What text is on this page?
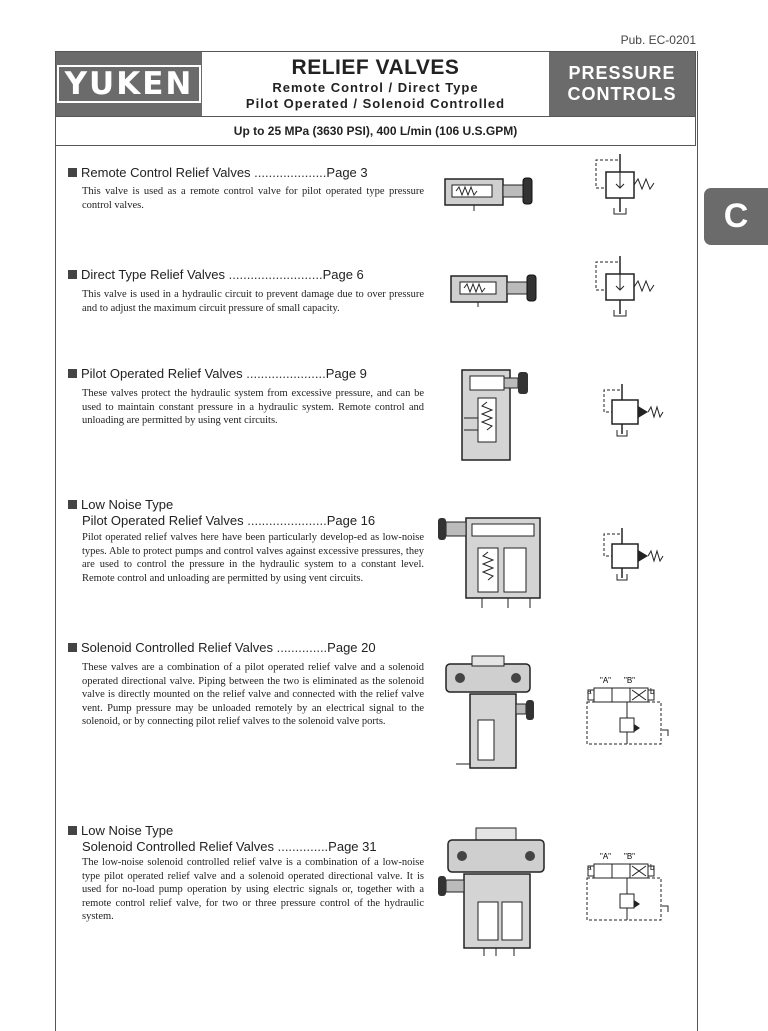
Pub. EC-0201
YUKEN	RELIEF VALVES
Remote Control / Direct Type
Pilot Operated / Solenoid Controlled
PRESSURE
CONTROLS
Up to 25 MPa (3630 PSI), 400 L/min (106 U.S.GPM)
C
Remote Control Relief Valves ....................Page 3
This valve is used as a remote control valve for pilot operated type pressure control valves.
Direct Type Relief Valves ..........................Page 6
This valve is used in a hydraulic circuit to prevent damage due to over pressure and to adjust the maximum circuit pressure of small capacity.
Pilot Operated Relief Valves ......................Page 9
These valves protect the hydraulic system from excessive pressure, and can be used to maintain constant pressure in a hydraulic system. Remote control and unloading are permitted by using vent circuits.
Low Noise Type
Pilot Operated Relief Valves ......................Page 16
Pilot operated relief valves here have been particularly develop-ed as low-noise types. Able to protect pumps and control valves against excessive pressures, they are used to control the pressure in the hydraulic system to a constant level. Remote control and unloading are permitted by using vent circuits.
Solenoid Controlled Relief Valves ..............Page 20
These valves are a combination of a pilot operated relief valve and a solenoid operated directional valve. Piping between the two is eliminated as the solenoid valve is directly mounted on the relief valve and connected with the relief valve vent. Pump pressure may be unloaded remotely by an electrical signal to the solenoid, or by connecting pilot relief valves to the solenoid valve ports.
Low Noise Type
Solenoid Controlled Relief Valves ..............Page 31
The low-noise solenoid controlled relief valve is a combination of a low-noise type pilot operated relief valve and a solenoid operated directional valve. It is used for no-load pump operation by using electric signals or, together with a remote control relief valve, for two or three pressure control of the hydraulic system.
"A" "B"
a	b
"A" "B"
a	b
